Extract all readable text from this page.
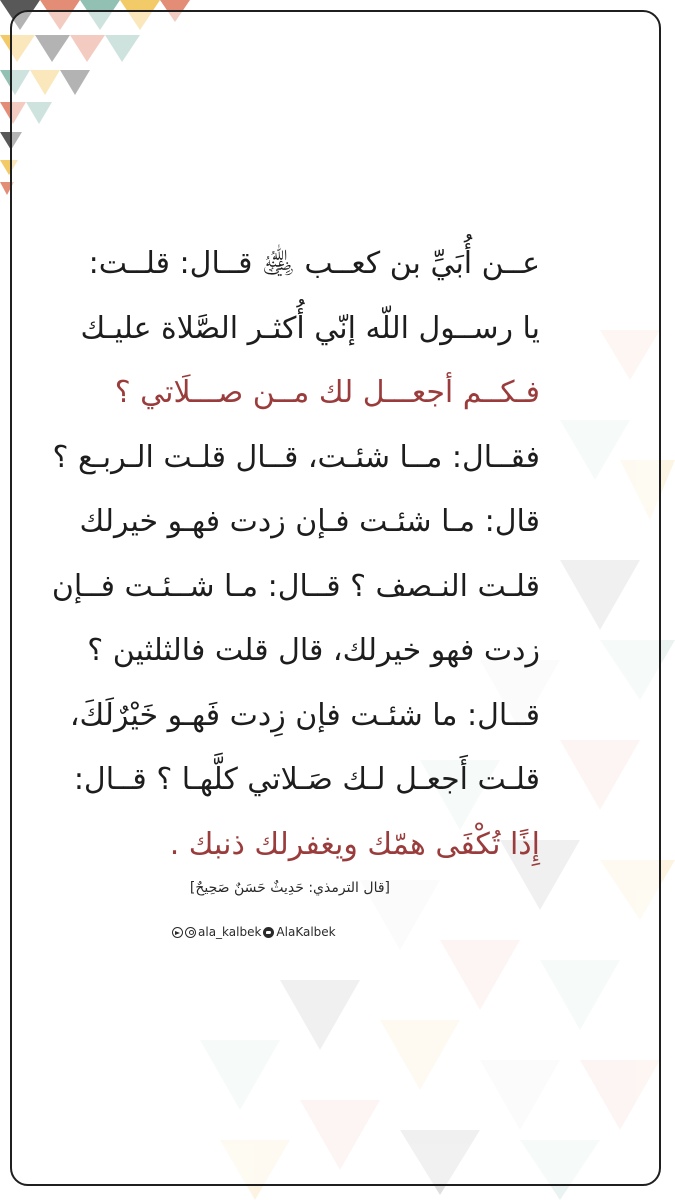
عــن أُبَيِّ بن كعــب ﵁ قــال: قلــت:
يا رســول اللّه إنّي أُكثـر الصَّلاة عليـك
فـكــم أجعـــل لك مــن صـــلَاتي ؟
فقــال: مــا شئـت، قــال قلـت الـربـع ؟
قال: مـا شئـت فـإن زدت فهـو خيرلك
قلـت النـصف ؟ قــال: مـا شــئـت فــإن
زدت فهو خيرلك، قال قلت فالثلثين ؟
قــال: ما شئـت فإن زِدت فَهـو خَيْرٌلَكَ،
قلـت أَجعـل لـك صَـلاتي كلَّهـا ؟ قــال:
إِذًا تُكْفَى همّك ويغفرلك ذنبك .
[قال الترمذي: حَدِيثٌ حَسَنٌ صَحِيحٌ]
ala_kalbek AlaKalbek
